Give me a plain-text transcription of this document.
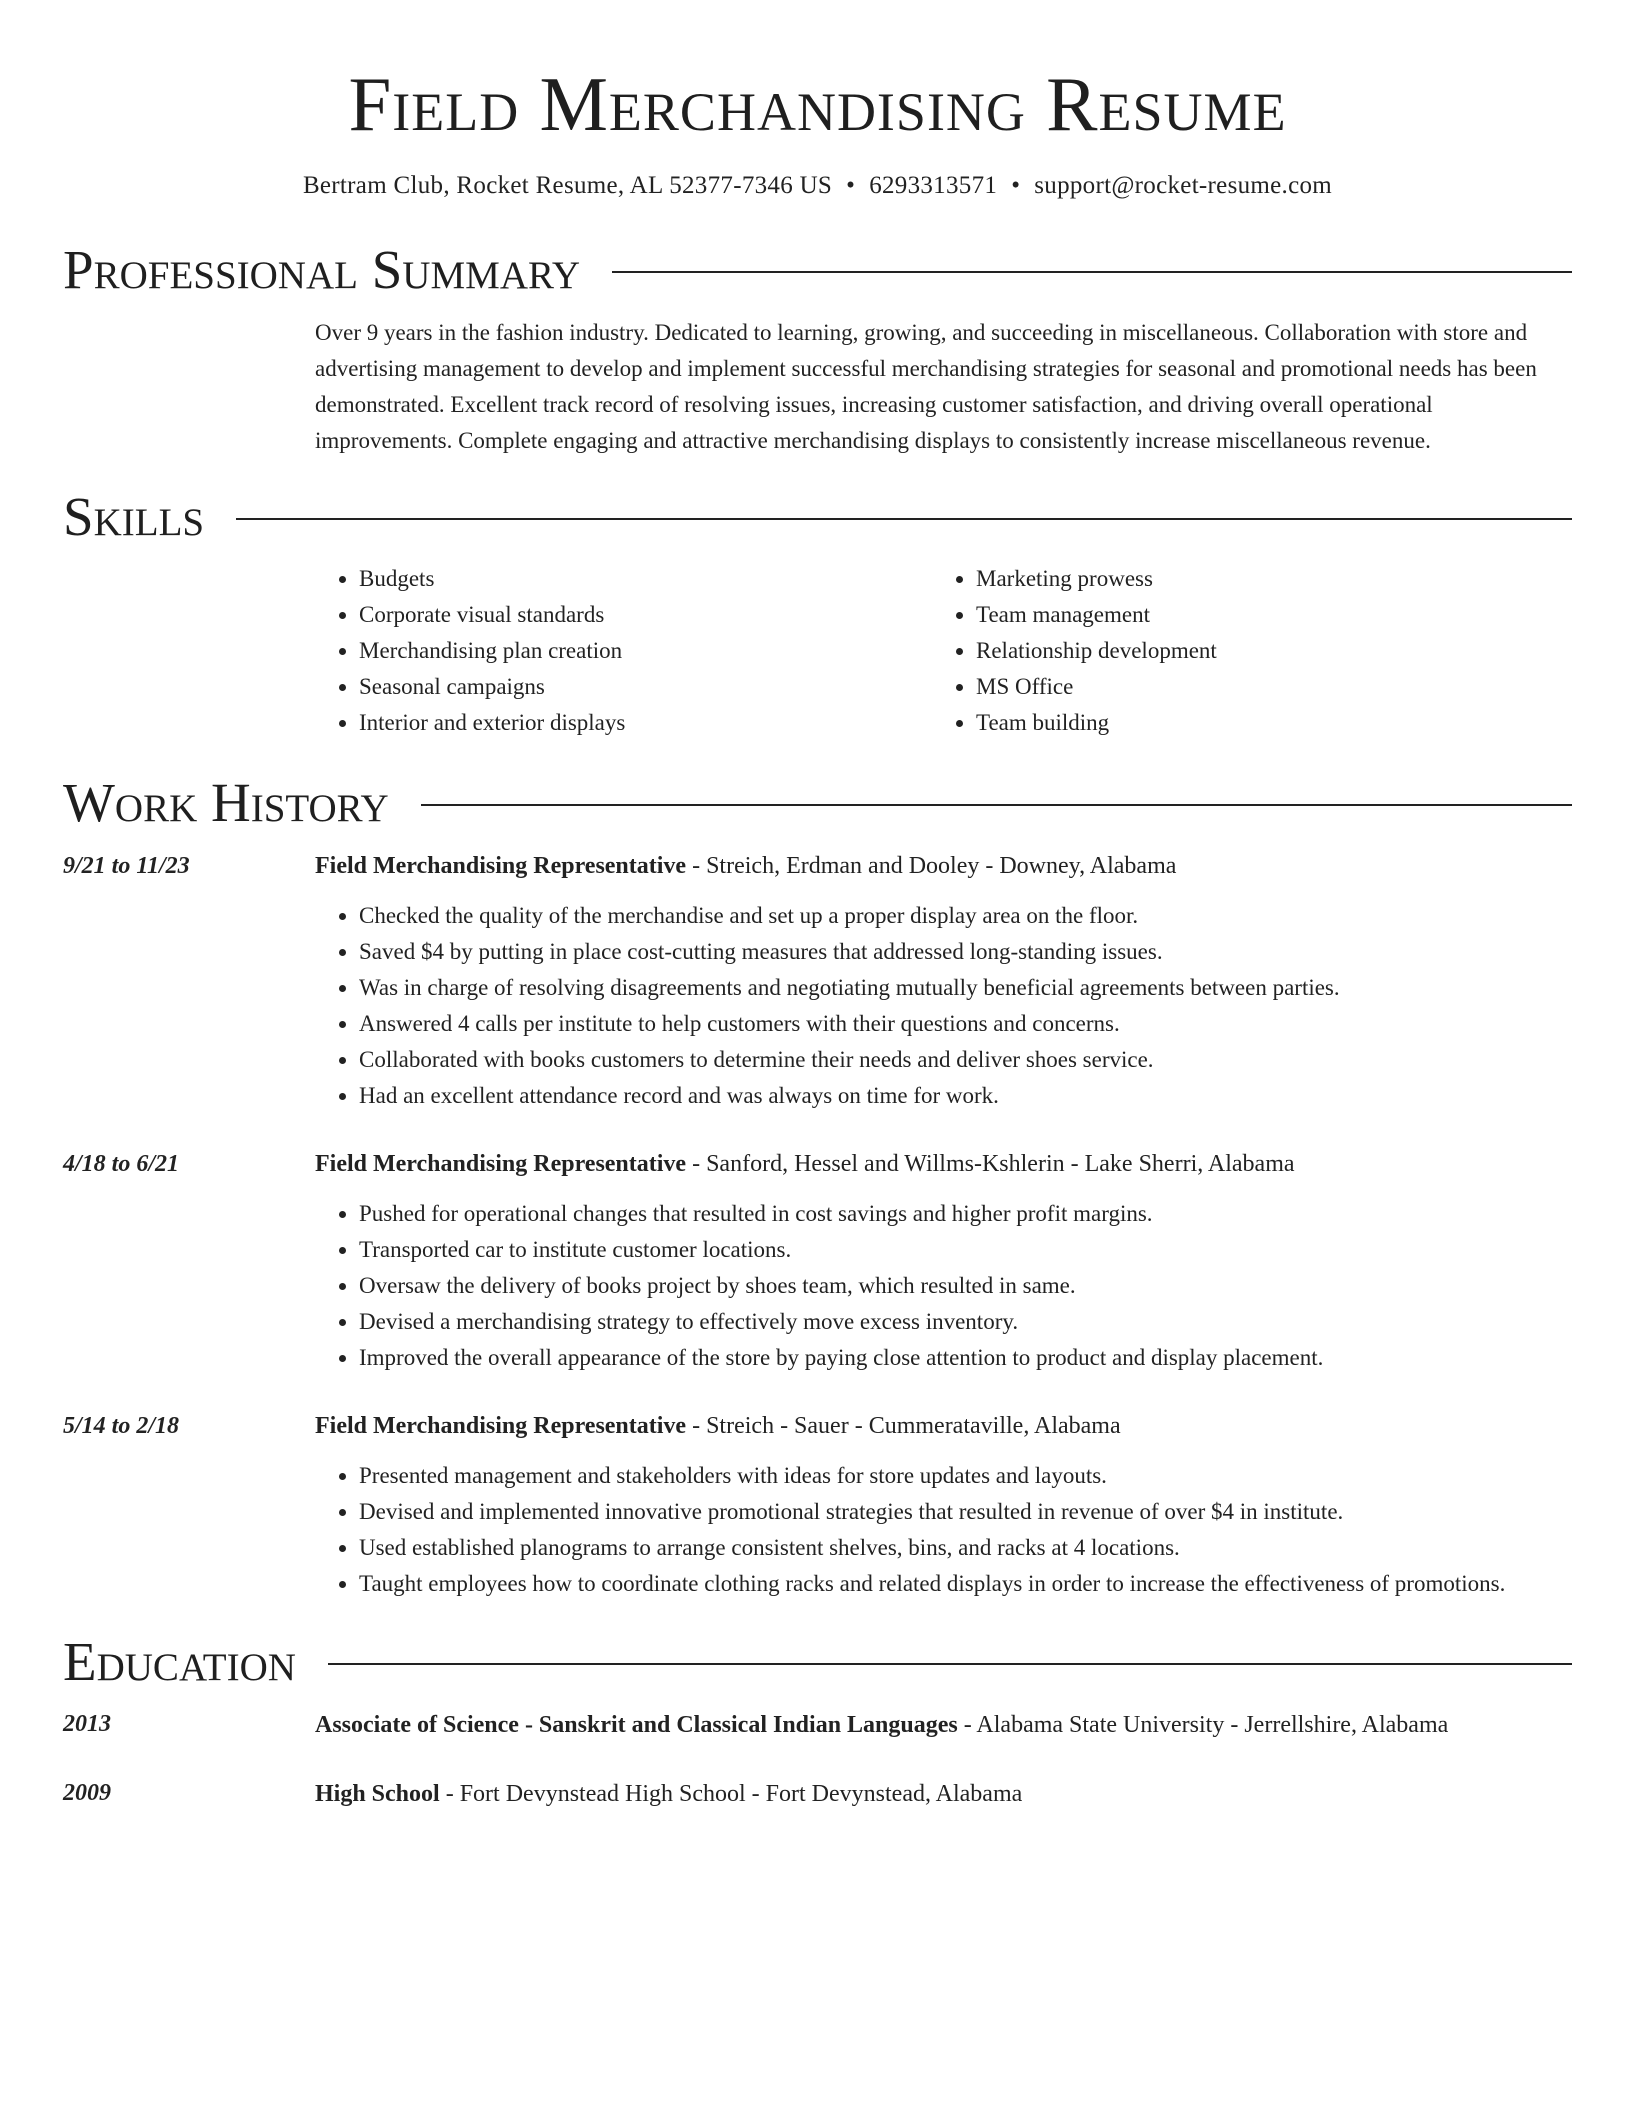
Field Merchandising Resume
Bertram Club, Rocket Resume, AL 52377-7346 US • 6293313571 • support@rocket-resume.com
Professional Summary
Over 9 years in the fashion industry. Dedicated to learning, growing, and succeeding in miscellaneous. Collaboration with store and advertising management to develop and implement successful merchandising strategies for seasonal and promotional needs has been demonstrated. Excellent track record of resolving issues, increasing customer satisfaction, and driving overall operational improvements. Complete engaging and attractive merchandising displays to consistently increase miscellaneous revenue.
Skills
• Budgets
• Corporate visual standards
• Merchandising plan creation
• Seasonal campaigns
• Interior and exterior displays
• Marketing prowess
• Team management
• Relationship development
• MS Office
• Team building
Work History
9/21 to 11/23	Field Merchandising Representative - Streich, Erdman and Dooley - Downey, Alabama
• Checked the quality of the merchandise and set up a proper display area on the floor.
• Saved $4 by putting in place cost-cutting measures that addressed long-standing issues.
• Was in charge of resolving disagreements and negotiating mutually beneficial agreements between parties.
• Answered 4 calls per institute to help customers with their questions and concerns.
• Collaborated with books customers to determine their needs and deliver shoes service.
• Had an excellent attendance record and was always on time for work.
4/18 to 6/21	Field Merchandising Representative - Sanford, Hessel and Willms-Kshlerin - Lake Sherri, Alabama
• Pushed for operational changes that resulted in cost savings and higher profit margins.
• Transported car to institute customer locations.
• Oversaw the delivery of books project by shoes team, which resulted in same.
• Devised a merchandising strategy to effectively move excess inventory.
• Improved the overall appearance of the store by paying close attention to product and display placement.
5/14 to 2/18	Field Merchandising Representative - Streich - Sauer - Cummerataville, Alabama
• Presented management and stakeholders with ideas for store updates and layouts.
• Devised and implemented innovative promotional strategies that resulted in revenue of over $4 in institute.
• Used established planograms to arrange consistent shelves, bins, and racks at 4 locations.
• Taught employees how to coordinate clothing racks and related displays in order to increase the effectiveness of promotions.
Education
2013	Associate of Science - Sanskrit and Classical Indian Languages - Alabama State University - Jerrellshire, Alabama
2009	High School - Fort Devynstead High School - Fort Devynstead, Alabama
